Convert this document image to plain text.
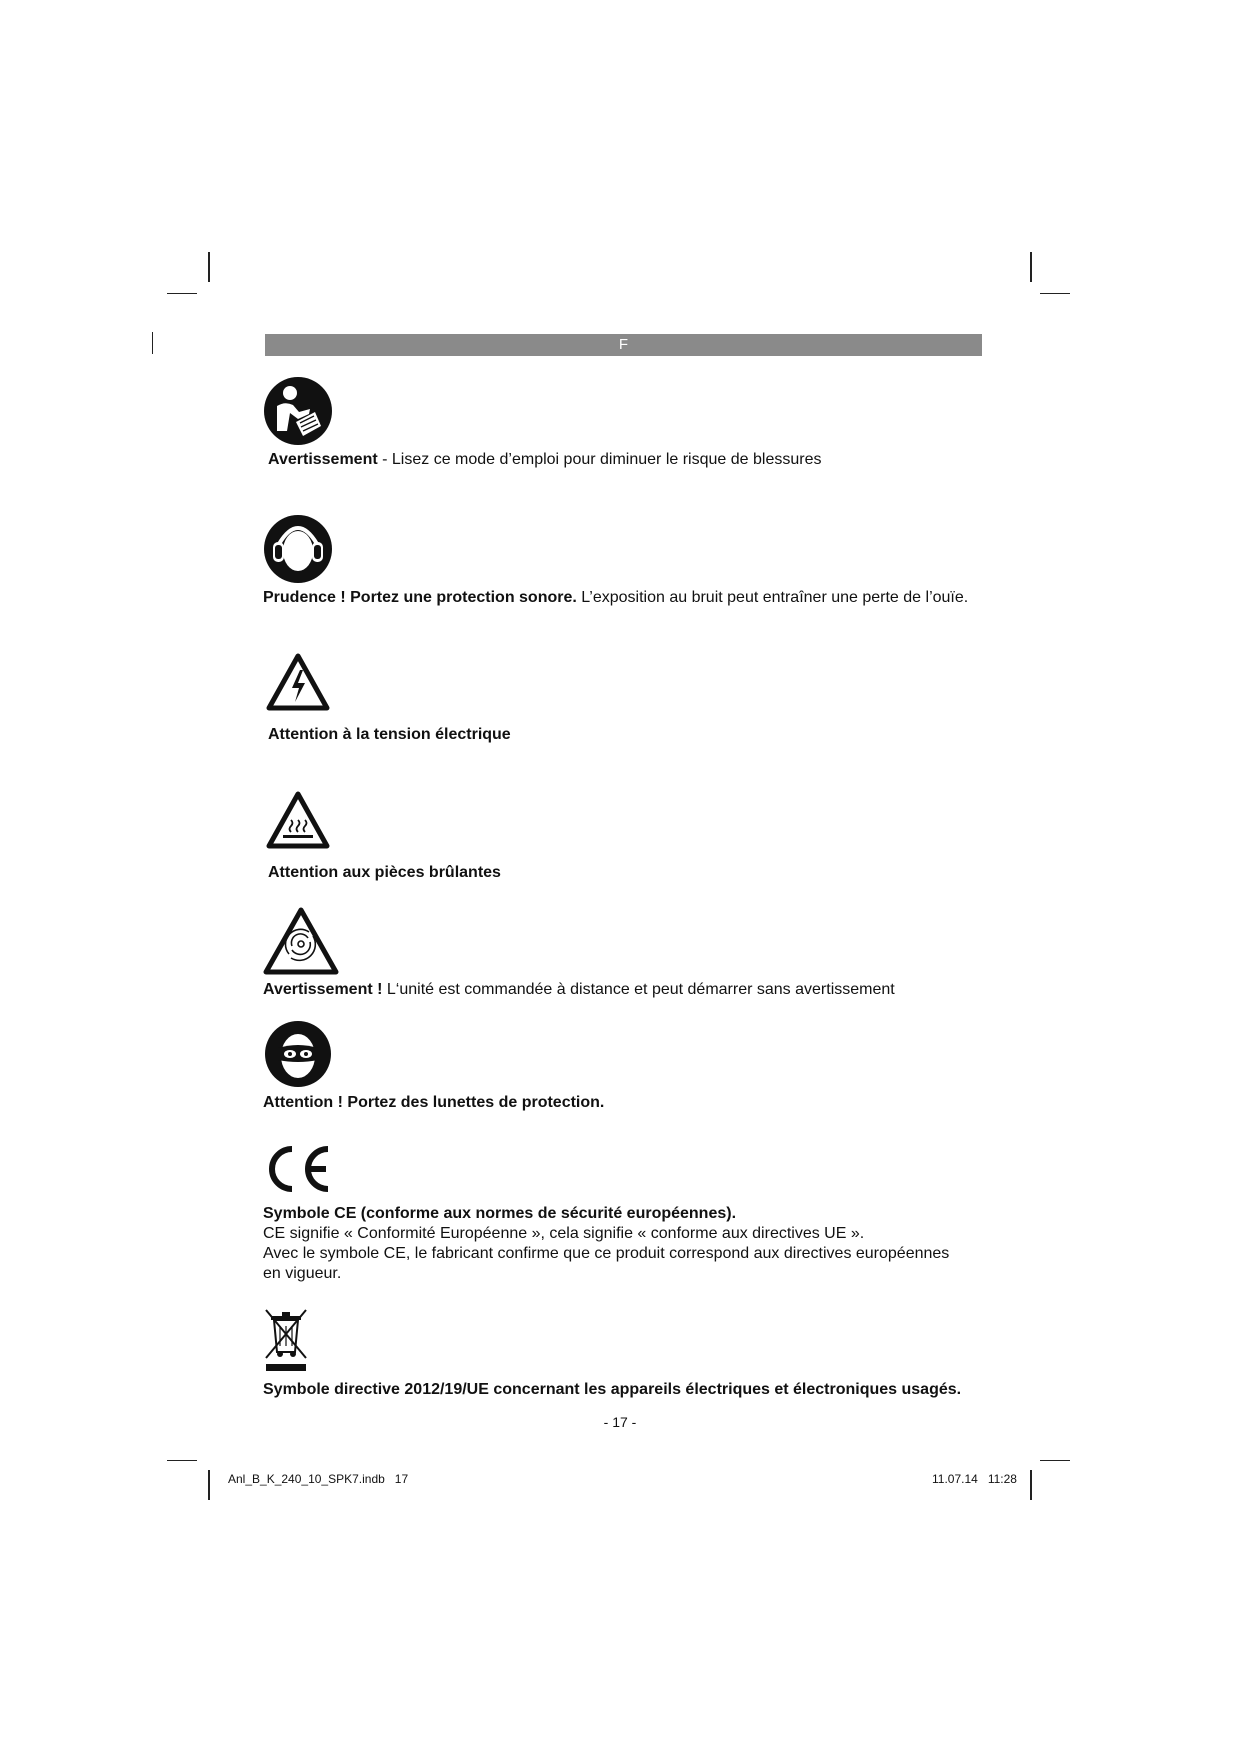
F
Avertissement - Lisez ce mode d’emploi pour diminuer le risque de blessures
Prudence ! Portez une protection sonore. L’exposition au bruit peut entraîner une perte de l’ouïe.
Attention à la tension électrique
Attention aux pièces brûlantes
Avertissement ! L‘unité est commandée à distance et peut démarrer sans avertissement
Attention ! Portez des lunettes de protection.
Symbole CE (conforme aux normes de sécurité européennes).
CE signifie « Conformité Européenne », cela signifie « conforme aux directives UE ».
Avec le symbole CE, le fabricant confirme que ce produit correspond aux directives européennes en vigueur.
Symbole directive 2012/19/UE concernant les appareils électriques et électroniques usagés.
- 17 -
Anl_B_K_240_10_SPK7.indb   17	11.07.14   11:28
